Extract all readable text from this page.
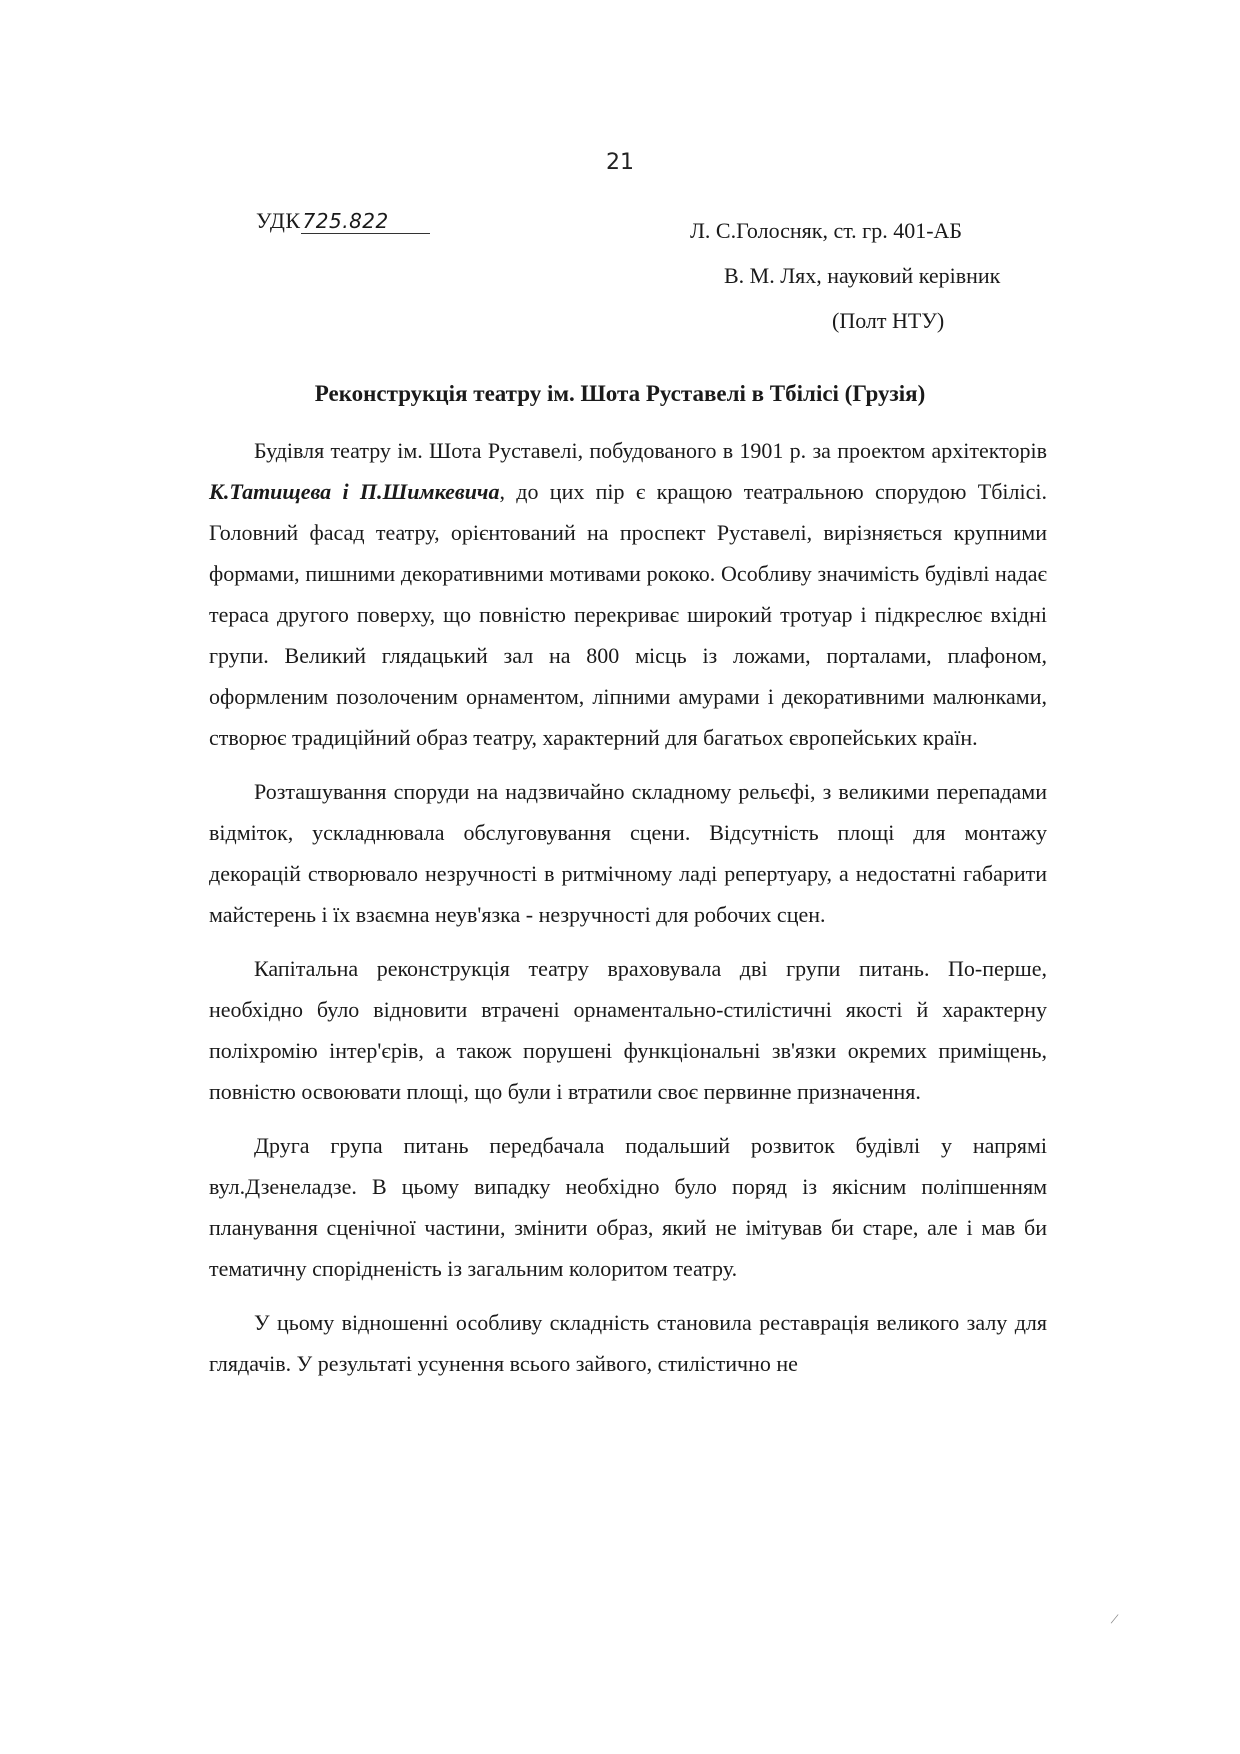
21
УДК 725.822	Л. С.Голосняк, ст. гр. 401-АБ
В. М. Лях, науковий керівник
(Полт НТУ)
Реконструкція театру ім. Шота Руставелі в Тбілісі (Грузія)

Будівля театру ім. Шота Руставелі, побудованого в 1901 р. за проектом архітекторів К.Татищева і П.Шимкевича, до цих пір є кращою театральною спорудою Тбілісі. Головний фасад театру, орієнтований на проспект Руставелі, вирізняється крупними формами, пишними декоративними мотивами рококо. Особливу значимість будівлі надає тераса другого поверху, що повністю перекриває широкий тротуар і підкреслює вхідні групи. Великий глядацький зал на 800 місць із ложами, порталами, плафоном, оформленим позолоченим орнаментом, ліпними амурами і декоративними малюнками, створює традиційний образ театру, характерний для багатьох європейських країн.

Розташування споруди на надзвичайно складному рельєфі, з великими перепадами відміток, ускладнювала обслуговування сцени. Відсутність площі для монтажу декорацій створювало незручності в ритмічному ладі репертуару, а недостатні габарити майстерень і їх взаємна неув'язка - незручності для робочих сцен.

Капітальна реконструкція театру враховувала дві групи питань. По-перше, необхідно було відновити втрачені орнаментально-стилістичні якості й характерну поліхромію інтер'єрів, а також порушені функціональні зв'язки окремих приміщень, повністю освоювати площі, що були і втратили своє первинне призначення.

Друга група питань передбачала подальший розвиток будівлі у напрямі вул.Дзенеладзе. В цьому випадку необхідно було поряд із якісним поліпшенням планування сценічної частини, змінити образ, який не імітував би старе, але і мав би тематичну спорідненість із загальним колоритом театру.

У цьому відношенні особливу складність становила реставрація великого залу для глядачів. У результаті усунення всього зайвого, стилістично не

/
